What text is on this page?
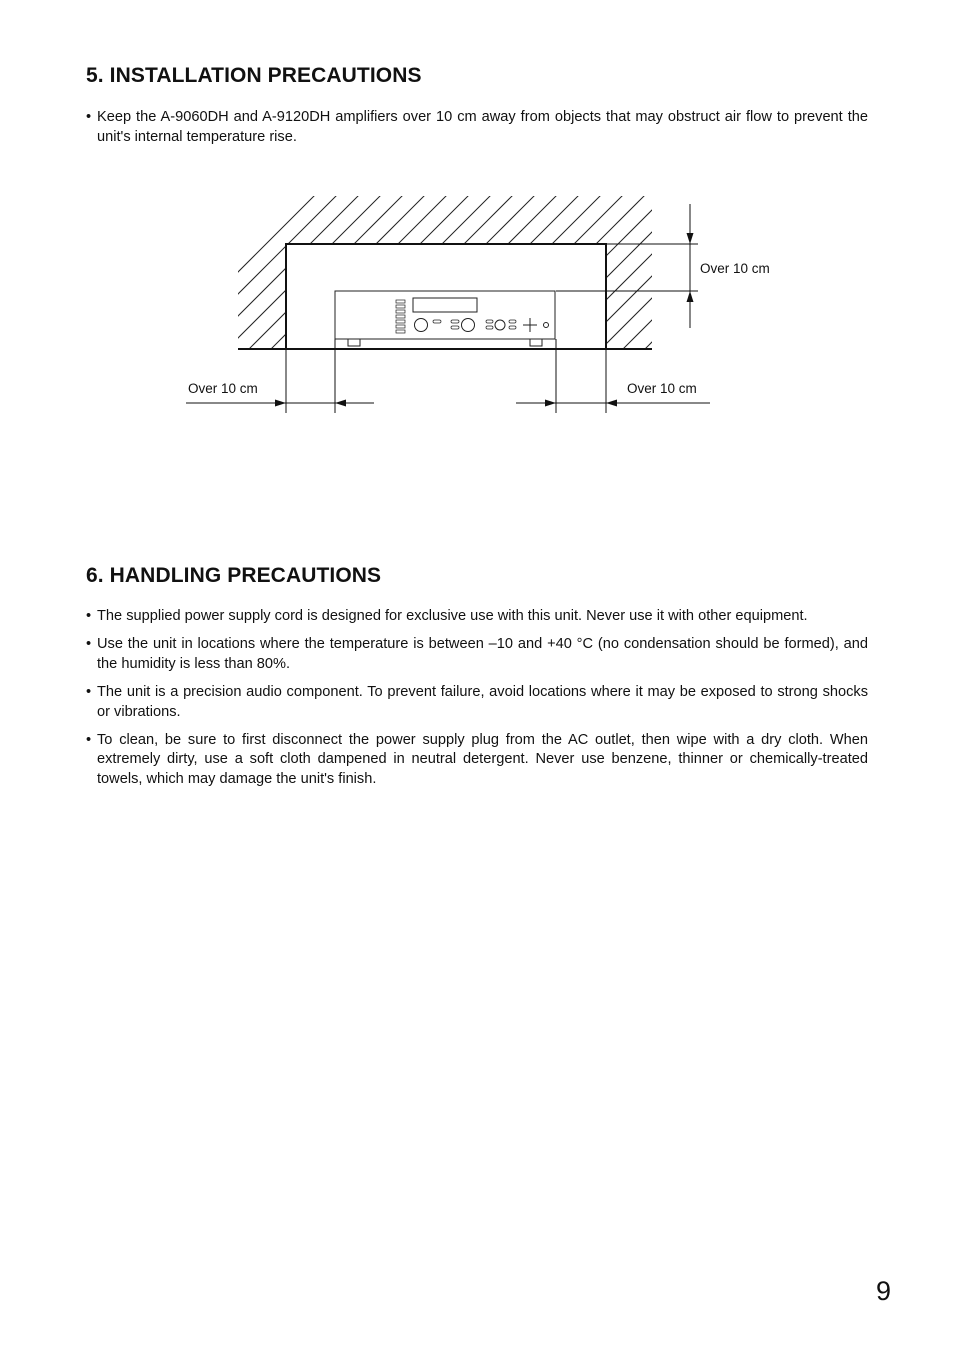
5. INSTALLATION PRECAUTIONS
• Keep the A-9060DH and A-9120DH amplifiers over 10 cm away from objects that may obstruct air flow to prevent the unit's internal temperature rise.
Over 10 cm
Over 10 cm	Over 10 cm
6. HANDLING PRECAUTIONS
• The supplied power supply cord is designed for exclusive use with this unit. Never use it with other equipment.
• Use the unit in locations where the temperature is between –10 and +40 °C (no condensation should be formed), and the humidity is less than 80%.
• The unit is a precision audio component. To prevent failure, avoid locations where it may be exposed to strong shocks or vibrations.
• To clean, be sure to first disconnect the power supply plug from the AC outlet, then wipe with a dry cloth. When extremely dirty, use a soft cloth dampened in neutral detergent. Never use benzene, thinner or chemically-treated towels, which may damage the unit's finish.
9
